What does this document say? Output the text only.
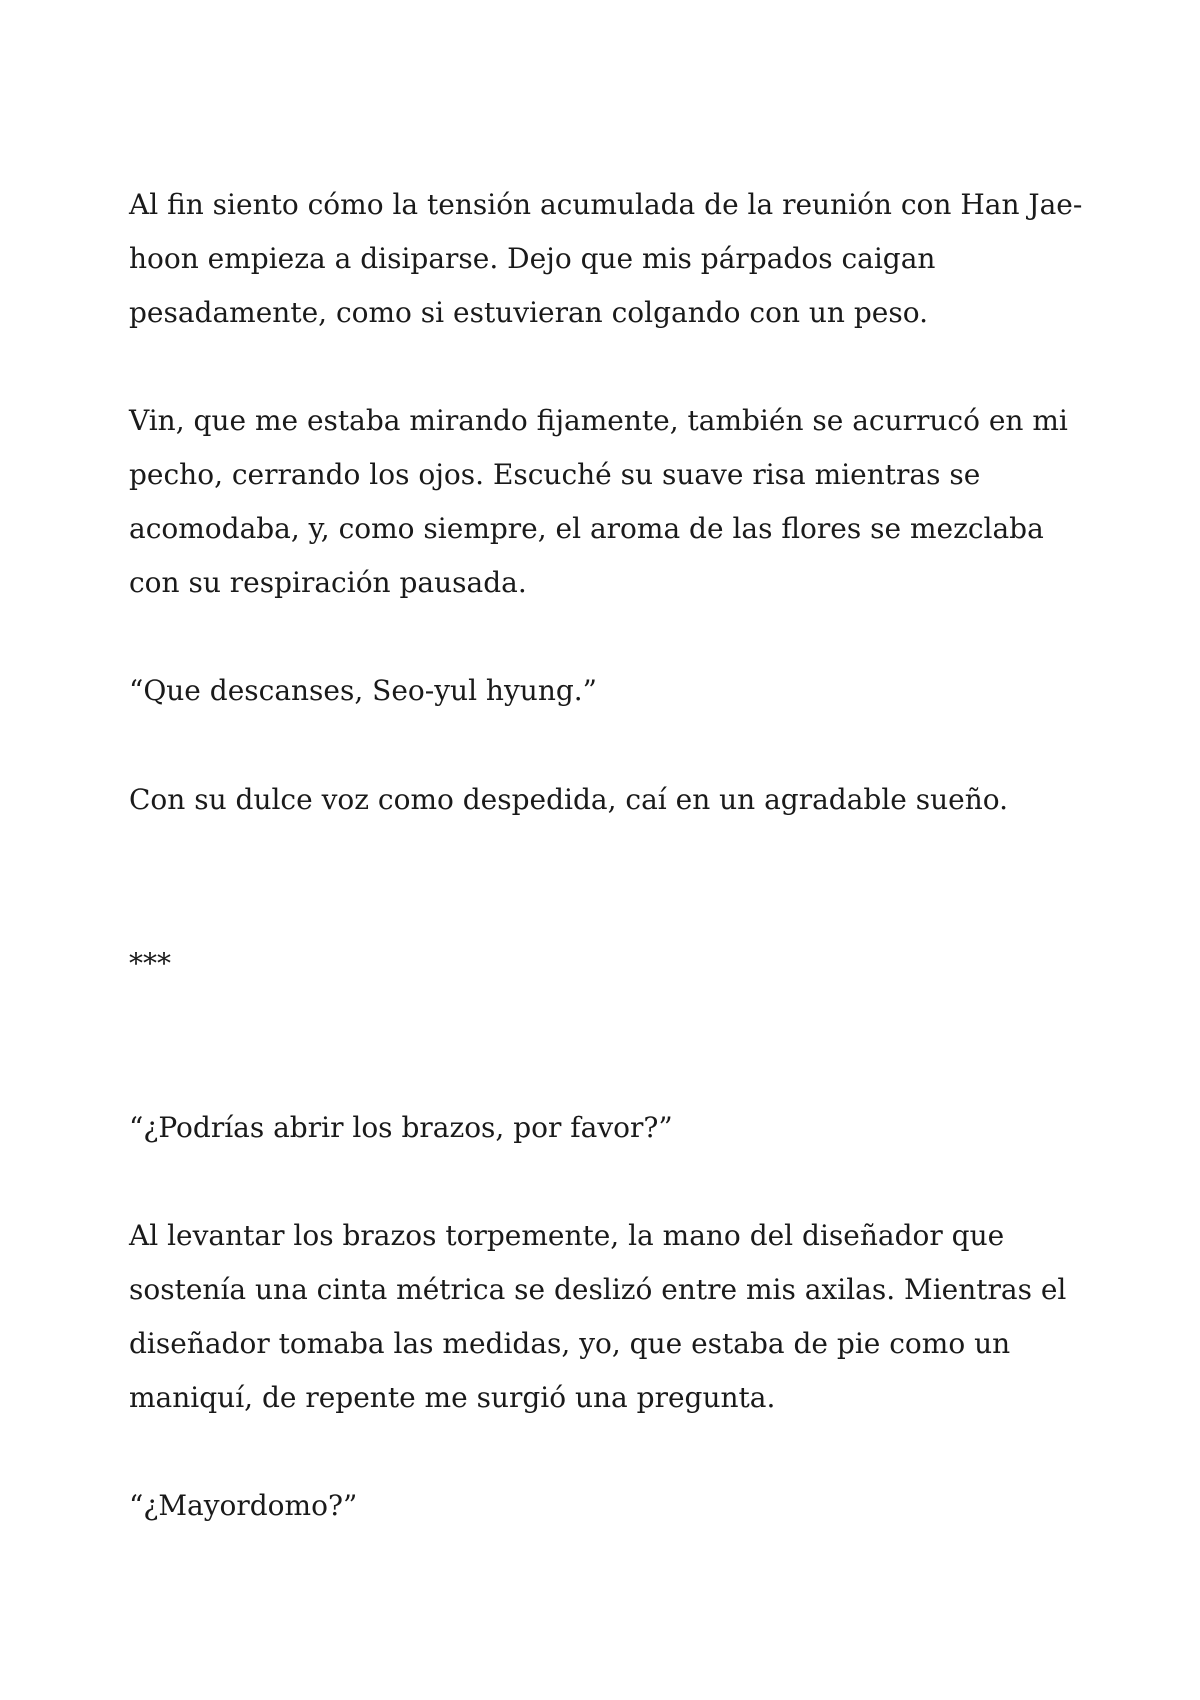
Al fin siento cómo la tensión acumulada de la reunión con Han Jae-
hoon empieza a disiparse. Dejo que mis párpados caigan
pesadamente, como si estuvieran colgando con un peso.
Vin, que me estaba mirando fijamente, también se acurrucó en mi
pecho, cerrando los ojos. Escuché su suave risa mientras se
acomodaba, y, como siempre, el aroma de las flores se mezclaba
con su respiración pausada.
“Que descanses, Seo-yul hyung.”
Con su dulce voz como despedida, caí en un agradable sueño.
***
“¿Podrías abrir los brazos, por favor?”
Al levantar los brazos torpemente, la mano del diseñador que
sostenía una cinta métrica se deslizó entre mis axilas. Mientras el
diseñador tomaba las medidas, yo, que estaba de pie como un
maniquí, de repente me surgió una pregunta.
“¿Mayordomo?”
